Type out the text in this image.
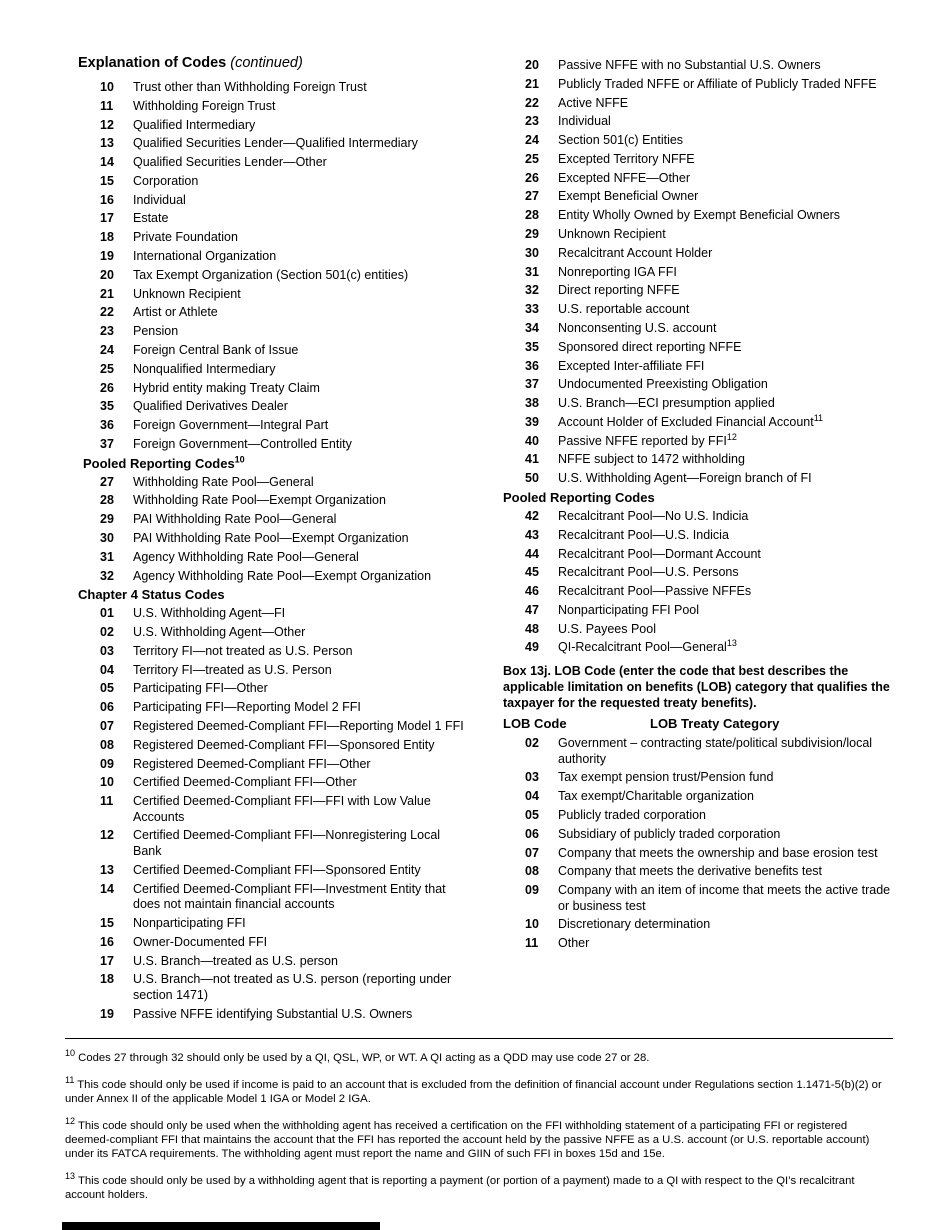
Explanation of Codes (continued)
10	Trust other than Withholding Foreign Trust
11	Withholding Foreign Trust
12	Qualified Intermediary
13	Qualified Securities Lender—Qualified Intermediary
14	Qualified Securities Lender—Other
15	Corporation
16	Individual
17	Estate
18	Private Foundation
19	International Organization
20	Tax Exempt Organization (Section 501(c) entities)
21	Unknown Recipient
22	Artist or Athlete
23	Pension
24	Foreign Central Bank of Issue
25	Nonqualified Intermediary
26	Hybrid entity making Treaty Claim
35	Qualified Derivatives Dealer
36	Foreign Government—Integral Part
37	Foreign Government—Controlled Entity
Pooled Reporting Codes$^{10}$
27	Withholding Rate Pool—General
28	Withholding Rate Pool—Exempt Organization
29	PAI Withholding Rate Pool—General
30	PAI Withholding Rate Pool—Exempt Organization
31	Agency Withholding Rate Pool—General
32	Agency Withholding Rate Pool—Exempt Organization
Chapter 4 Status Codes
01	U.S. Withholding Agent—FI
02	U.S. Withholding Agent—Other
03	Territory FI—not treated as U.S. Person
04	Territory FI—treated as U.S. Person
05	Participating FFI—Other
06	Participating FFI—Reporting Model 2 FFI
07	Registered Deemed-Compliant FFI—Reporting Model 1 FFI
08	Registered Deemed-Compliant FFI—Sponsored Entity
09	Registered Deemed-Compliant FFI—Other
10	Certified Deemed-Compliant FFI—Other
11	Certified Deemed-Compliant FFI—FFI with Low Value Accounts
12	Certified Deemed-Compliant FFI—Nonregistering Local Bank
13	Certified Deemed-Compliant FFI—Sponsored Entity
14	Certified Deemed-Compliant FFI—Investment Entity that does not maintain financial accounts
15	Nonparticipating FFI
16	Owner-Documented FFI
17	U.S. Branch—treated as U.S. person
18	U.S. Branch—not treated as U.S. person (reporting under section 1471)
19	Passive NFFE identifying Substantial U.S. Owners
20	Passive NFFE with no Substantial U.S. Owners
21	Publicly Traded NFFE or Affiliate of Publicly Traded NFFE
22	Active NFFE
23	Individual
24	Section 501(c) Entities
25	Excepted Territory NFFE
26	Excepted NFFE—Other
27	Exempt Beneficial Owner
28	Entity Wholly Owned by Exempt Beneficial Owners
29	Unknown Recipient
30	Recalcitrant Account Holder
31	Nonreporting IGA FFI
32	Direct reporting NFFE
33	U.S. reportable account
34	Nonconsenting U.S. account
35	Sponsored direct reporting NFFE
36	Excepted Inter-affiliate FFI
37	Undocumented Preexisting Obligation
38	U.S. Branch—ECI presumption applied
39	Account Holder of Excluded Financial Account$^{11}$
40	Passive NFFE reported by FFI$^{12}$
41	NFFE subject to 1472 withholding
50	U.S. Withholding Agent—Foreign branch of FI
Pooled Reporting Codes
42	Recalcitrant Pool—No U.S. Indicia
43	Recalcitrant Pool—U.S. Indicia
44	Recalcitrant Pool—Dormant Account
45	Recalcitrant Pool—U.S. Persons
46	Recalcitrant Pool—Passive NFFEs
47	Nonparticipating FFI Pool
48	U.S. Payees Pool
49	QI-Recalcitrant Pool—General$^{13}$
Box 13j. LOB Code (enter the code that best describes the applicable limitation on benefits (LOB) category that qualifies the taxpayer for the requested treaty benefits).
LOB Code	LOB Treaty Category
02	Government – contracting state/political subdivision/local authority
03	Tax exempt pension trust/Pension fund
04	Tax exempt/Charitable organization
05	Publicly traded corporation
06	Subsidiary of publicly traded corporation
07	Company that meets the ownership and base erosion test
08	Company that meets the derivative benefits test
09	Company with an item of income that meets the active trade or business test
10	Discretionary determination
11	Other

$^{10}$ Codes 27 through 32 should only be used by a QI, QSL, WP, or WT. A QI acting as a QDD may use code 27 or 28.

$^{11}$ This code should only be used if income is paid to an account that is excluded from the definition of financial account under Regulations section 1.1471-5(b)(2) or under Annex II of the applicable Model 1 IGA or Model 2 IGA.

$^{12}$ This code should only be used when the withholding agent has received a certification on the FFI withholding statement of a participating FFI or registered deemed-compliant FFI that maintains the account that the FFI has reported the account held by the passive NFFE as a U.S. account (or U.S. reportable account) under its FATCA requirements. The withholding agent must report the name and GIIN of such FFI in boxes 15d and 15e.

$^{13}$ This code should only be used by a withholding agent that is reporting a payment (or portion of a payment) made to a QI with respect to the QI’s recalcitrant account holders.
